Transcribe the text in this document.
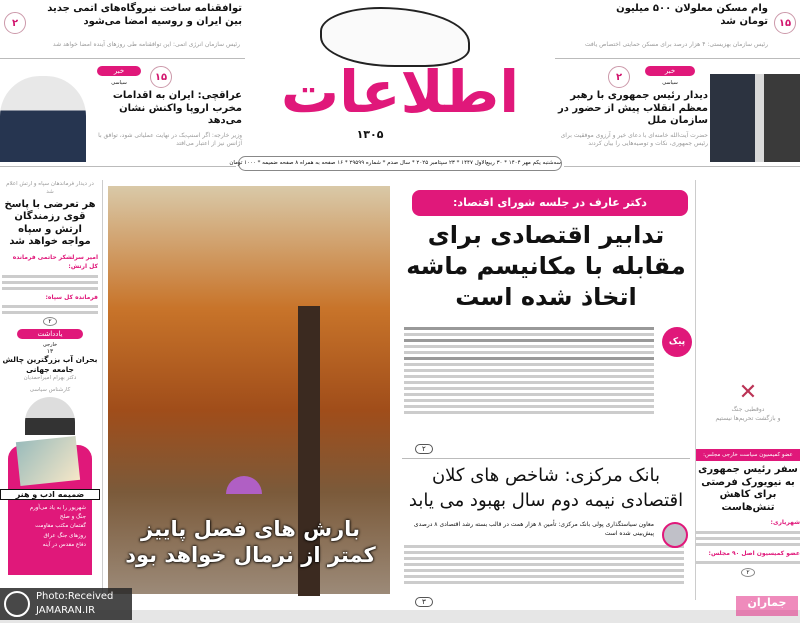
۲
توافقنامه ساخت نیروگاه‌های اتمی جدید بین ایران و روسیه امضا می‌شود
رئیس سازمان انرژی اتمی: این توافقنامه طی روزهای آینده امضا خواهد شد
۱۵
وام مسکن معلولان ۵۰۰ میلیون تومان شد
رئیس سازمان بهزیستی: ۴ هزار درصد برای مسکن حمایتی اختصاص یافت
اطلاعات
۱۳۰۵
سه‌شنبه یکم مهر ۱۴۰۴ * ۳۰ ربیع‌الاول ۱۴۴۷ * ۲۳ سپتامبر ۲۰۲۵ * سال صدم * شماره ۲۹۵۹۹ * ۱۶ صفحه به همراه ۸ صفحه ضمیمه * ۱۰۰۰ تومان
۱۵
خبر
سیاسی
عراقچی: ایران به اقدامات مخرب اروپا واکنش نشان می‌دهد
وزیر خارجه: اگر اسنپ‌بک در نهایت عملیاتی شود، توافق با آژانس نیز از اعتبار می‌افتد
۲
خبر
سیاسی
دیدار رئیس جمهوری با رهبر معظم انقلاب پیش از حضور در سازمان ملل
حضرت آیت‌الله خامنه‌ای با دعای خیر و آرزوی موفقیت برای رئیس جمهوری، نکات و توصیه‌هایی را بیان کردند
در دیدار فرماندهان سپاه و ارتش اعلام شد
هر تعرضی با پاسخ قوی رزمندگان ارتش و سپاه مواجه خواهد شد
امیر سرلشکر حاتمی فرمانده کل ارتش:
فرمانده کل سپاه:
۲
یادداشت
خارجی
۱۳
بحران آب بزرگترین چالش جامعه جهانی
دکتر بهرام امیراحمدیان
کارشناس سیاسی
ضمیمه ادب و هنر
شهریور را به یاد می‌آورم
جنگ و صلح
گفتمان مکتب مقاومت
روزهای جنگ عراق
دفاع مقدس در آینه
بارش های فصل پاییز کمتر از نرمال خواهد بود
دکتر عارف در جلسه شورای اقتصاد:
تدابیر اقتصادی برای مقابله با مکانیسم ماشه اتخاذ شده است
پیک
۲
بانک مرکزی: شاخص های کلان اقتصادی نیمه دوم سال بهبود می یابد
معاون سیاستگذاری پولی بانک مرکزی: تأمین ۸ هزار همت در قالب بسته رشد اقتصادی ۸ درصدی پیش‌بینی شده است
۳
✕
دوقطبی جنگ
و بازگشت تحریم‌ها نیستیم
عضو کمیسیون سیاست خارجی مجلس:
سفر رئیس جمهوری به نیویورک فرصتی برای کاهش تنش‌هاست
شهریاری:
عضو کمیسیون اصل ۹۰ مجلس:
۲
جماران
Photo:Received
JAMARAN.IR
